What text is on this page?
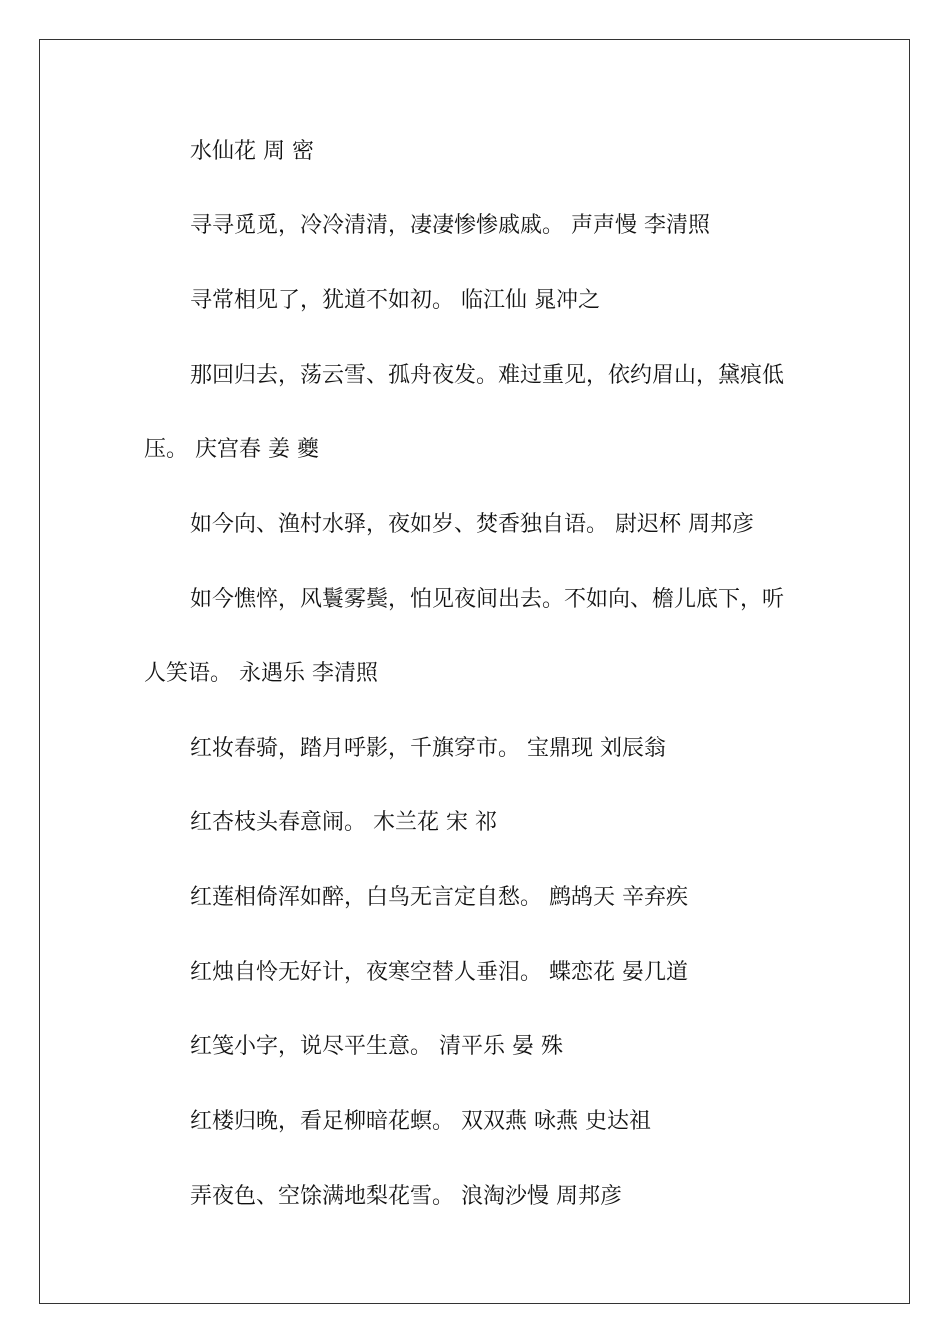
水仙花 周 密
寻寻觅觅，冷冷清清，凄凄惨惨戚戚。 声声慢 李清照
寻常相见了，犹道不如初。 临江仙 晁冲之
那回归去，荡云雪、孤舟夜发。难过重见，依约眉山，黛痕低
压。 庆宫春 姜 夔
如今向、渔村水驿，夜如岁、焚香独自语。 尉迟杯 周邦彦
如今憔悴，风鬟雾鬓，怕见夜间出去。不如向、檐儿底下，听
人笑语。 永遇乐 李清照
红妆春骑，踏月呼影，千旗穿市。 宝鼎现 刘辰翁
红杏枝头春意闹。 木兰花 宋 祁
红莲相倚浑如醉，白鸟无言定自愁。 鹧鸪天 辛弃疾
红烛自怜无好计，夜寒空替人垂泪。 蝶恋花 晏几道
红笺小字，说尽平生意。 清平乐 晏 殊
红楼归晚，看足柳暗花螟。 双双燕 咏燕 史达祖
弄夜色、空馀满地梨花雪。 浪淘沙慢 周邦彦
